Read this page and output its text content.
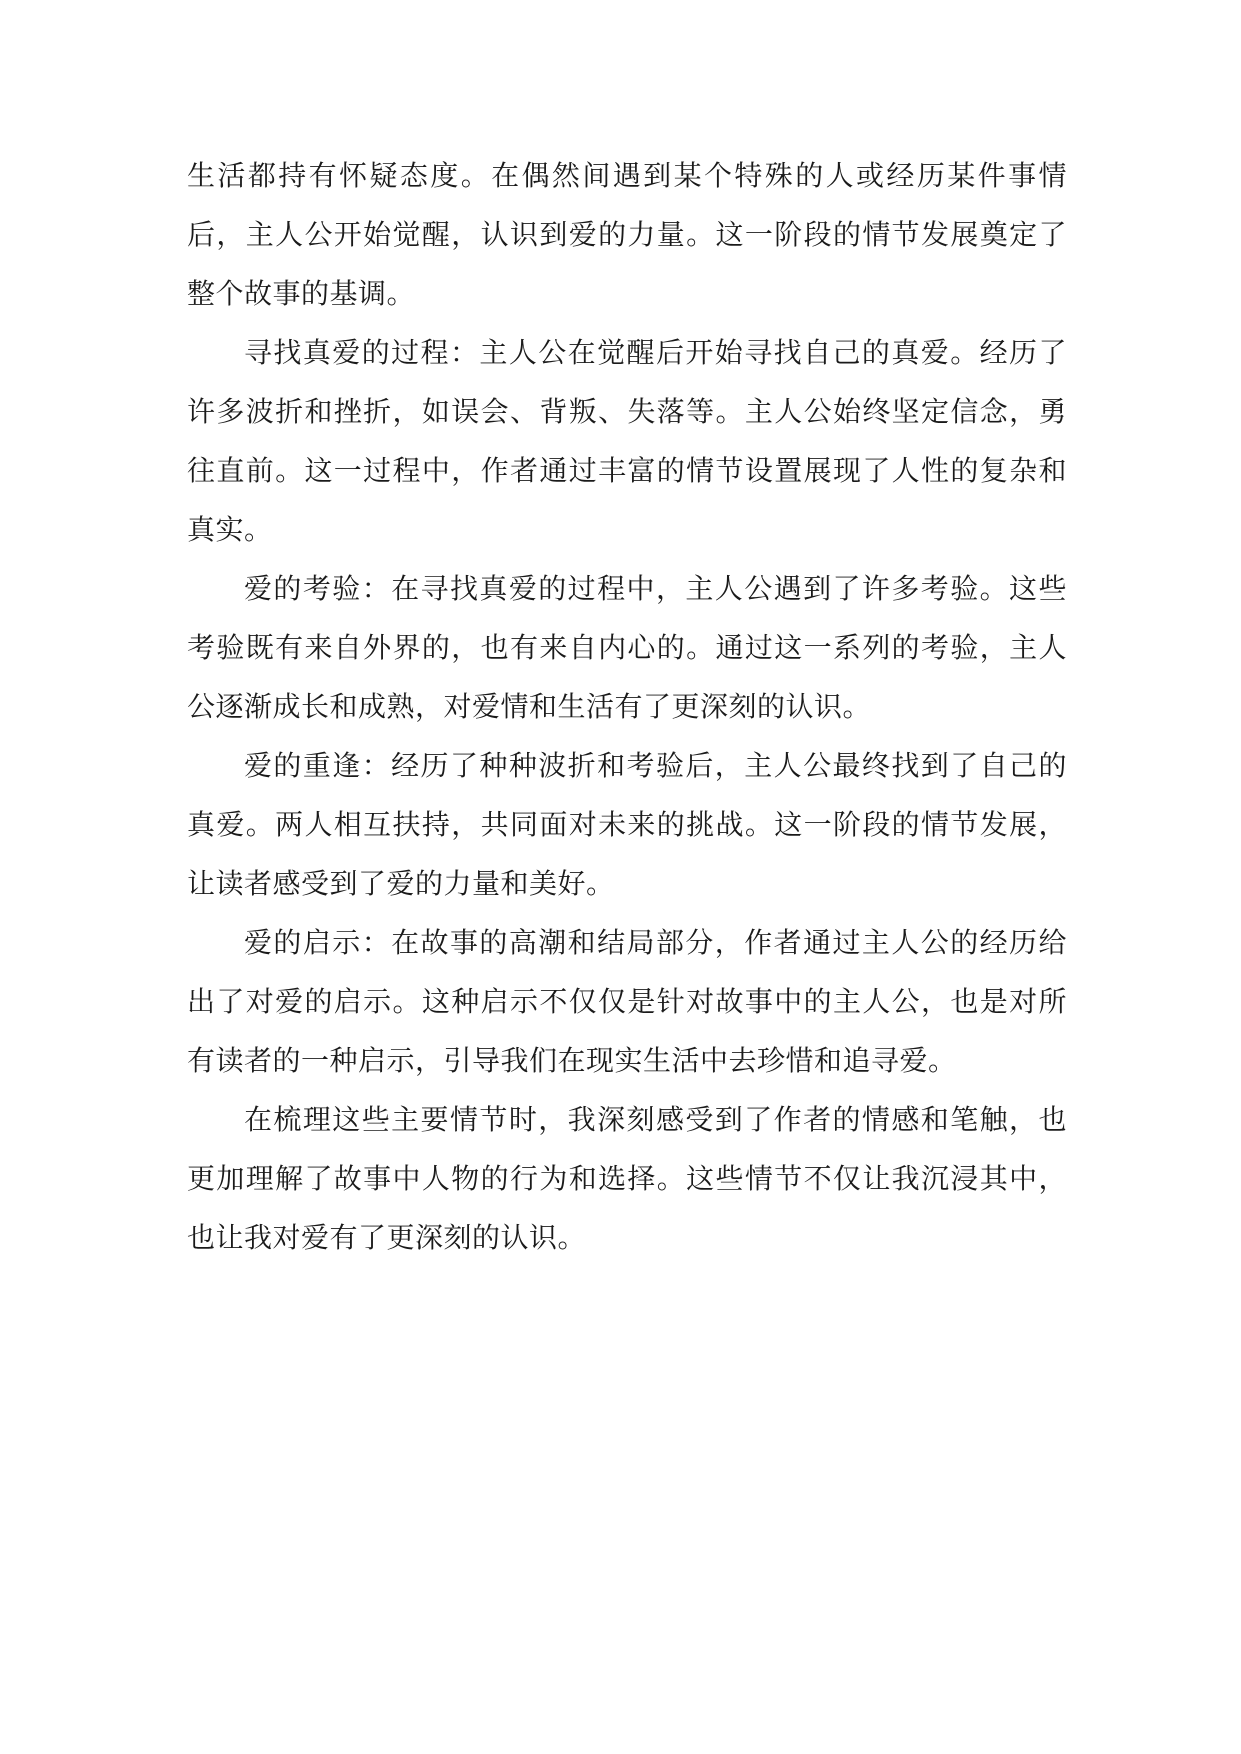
生活都持有怀疑态度。在偶然间遇到某个特殊的人或经历某件事情后，主人公开始觉醒，认识到爱的力量。这一阶段的情节发展奠定了整个故事的基调。

寻找真爱的过程：主人公在觉醒后开始寻找自己的真爱。经历了许多波折和挫折，如误会、背叛、失落等。主人公始终坚定信念，勇往直前。这一过程中，作者通过丰富的情节设置展现了人性的复杂和真实。

爱的考验：在寻找真爱的过程中，主人公遇到了许多考验。这些考验既有来自外界的，也有来自内心的。通过这一系列的考验，主人公逐渐成长和成熟，对爱情和生活有了更深刻的认识。

爱的重逢：经历了种种波折和考验后，主人公最终找到了自己的真爱。两人相互扶持，共同面对未来的挑战。这一阶段的情节发展，让读者感受到了爱的力量和美好。

爱的启示：在故事的高潮和结局部分，作者通过主人公的经历给出了对爱的启示。这种启示不仅仅是针对故事中的主人公，也是对所有读者的一种启示，引导我们在现实生活中去珍惜和追寻爱。

在梳理这些主要情节时，我深刻感受到了作者的情感和笔触，也更加理解了故事中人物的行为和选择。这些情节不仅让我沉浸其中，也让我对爱有了更深刻的认识。
